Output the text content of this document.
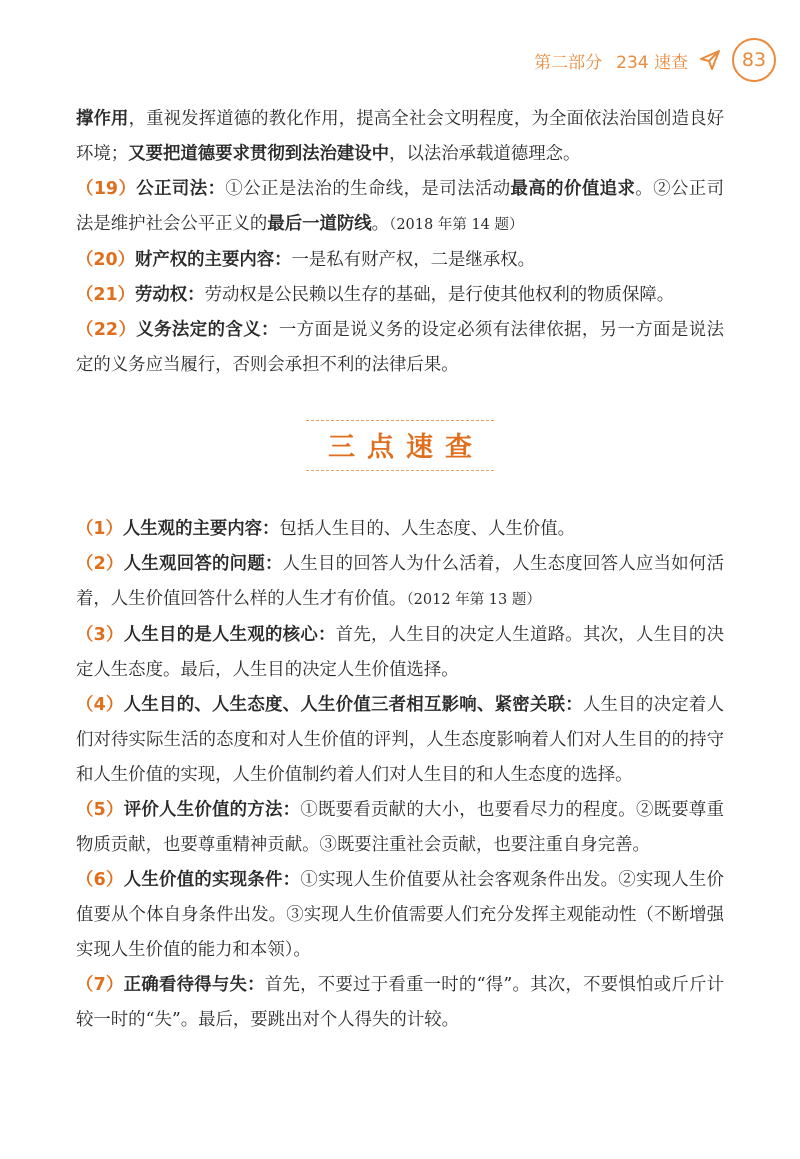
第二部分 234 速查	83

撑作用，重视发挥道德的教化作用，提高全社会文明程度，为全面依法治国创造良好环境；又要把道德要求贯彻到法治建设中，以法治承载道德理念。

（19）公正司法：①公正是法治的生命线，是司法活动最高的价值追求。②公正司法是维护社会公平正义的最后一道防线。（2018 年第 14 题）

（20）财产权的主要内容：一是私有财产权，二是继承权。

（21）劳动权：劳动权是公民赖以生存的基础，是行使其他权利的物质保障。

（22）义务法定的含义：一方面是说义务的设定必须有法律依据，另一方面是说法定的义务应当履行，否则会承担不利的法律后果。

三点速查

（1）人生观的主要内容：包括人生目的、人生态度、人生价值。

（2）人生观回答的问题：人生目的回答人为什么活着，人生态度回答人应当如何活着，人生价值回答什么样的人生才有价值。（2012 年第 13 题）

（3）人生目的是人生观的核心：首先，人生目的决定人生道路。其次，人生目的决定人生态度。最后，人生目的决定人生价值选择。

（4）人生目的、人生态度、人生价值三者相互影响、紧密关联：人生目的决定着人们对待实际生活的态度和对人生价值的评判，人生态度影响着人们对人生目的的持守和人生价值的实现，人生价值制约着人们对人生目的和人生态度的选择。

（5）评价人生价值的方法：①既要看贡献的大小，也要看尽力的程度。②既要尊重物质贡献，也要尊重精神贡献。③既要注重社会贡献，也要注重自身完善。

（6）人生价值的实现条件：①实现人生价值要从社会客观条件出发。②实现人生价值要从个体自身条件出发。③实现人生价值需要人们充分发挥主观能动性（不断增强实现人生价值的能力和本领）。

（7）正确看待得与失：首先，不要过于看重一时的“得”。其次，不要惧怕或斤斤计较一时的“失”。最后，要跳出对个人得失的计较。
